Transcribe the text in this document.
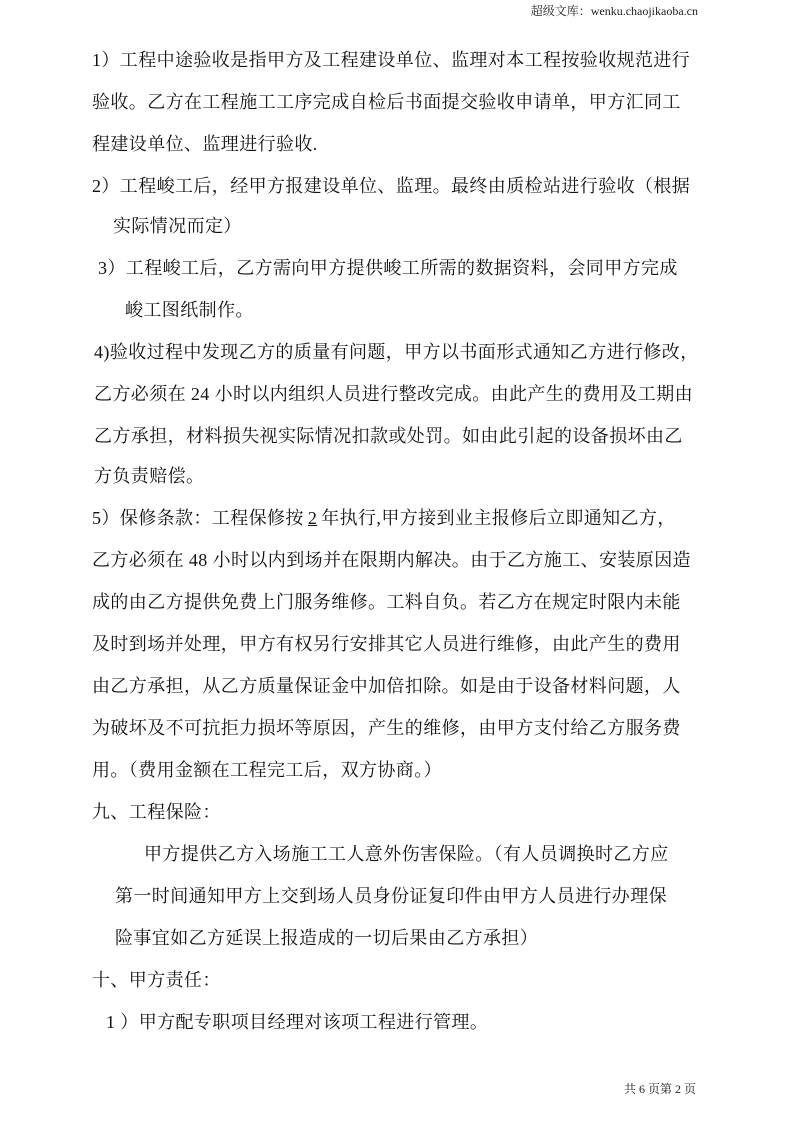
超级文库：wenku.chaojikaoba.cn
1）工程中途验收是指甲方及工程建设单位、监理对本工程按验收规范进行
验收。乙方在工程施工工序完成自检后书面提交验收申请单，甲方汇同工
程建设单位、监理进行验收.
2）工程峻工后，经甲方报建设单位、监理。最终由质检站进行验收（根据
实际情况而定）
3）工程峻工后，乙方需向甲方提供峻工所需的数据资料，会同甲方完成
峻工图纸制作。
4)验收过程中发现乙方的质量有问题，甲方以书面形式通知乙方进行修改，
乙方必须在 24 小时以内组织人员进行整改完成。由此产生的费用及工期由
乙方承担，材料损失视实际情况扣款或处罚。如由此引起的设备损坏由乙
方负责赔偿。
5）保修条款：工程保修按 2 年执行,甲方接到业主报修后立即通知乙方，
乙方必须在 48 小时以内到场并在限期内解决。由于乙方施工、安装原因造
成的由乙方提供免费上门服务维修。工料自负。若乙方在规定时限内未能
及时到场并处理，甲方有权另行安排其它人员进行维修，由此产生的费用
由乙方承担，从乙方质量保证金中加倍扣除。如是由于设备材料问题，人
为破坏及不可抗拒力损坏等原因，产生的维修，由甲方支付给乙方服务费
用。（费用金额在工程完工后，双方协商。）
九、工程保险：
甲方提供乙方入场施工工人意外伤害保险。（有人员调换时乙方应
第一时间通知甲方上交到场人员身份证复印件由甲方人员进行办理保
险事宜如乙方延误上报造成的一切后果由乙方承担）
十、甲方责任：
1 ）甲方配专职项目经理对该项工程进行管理。
共 6 页第 2 页
